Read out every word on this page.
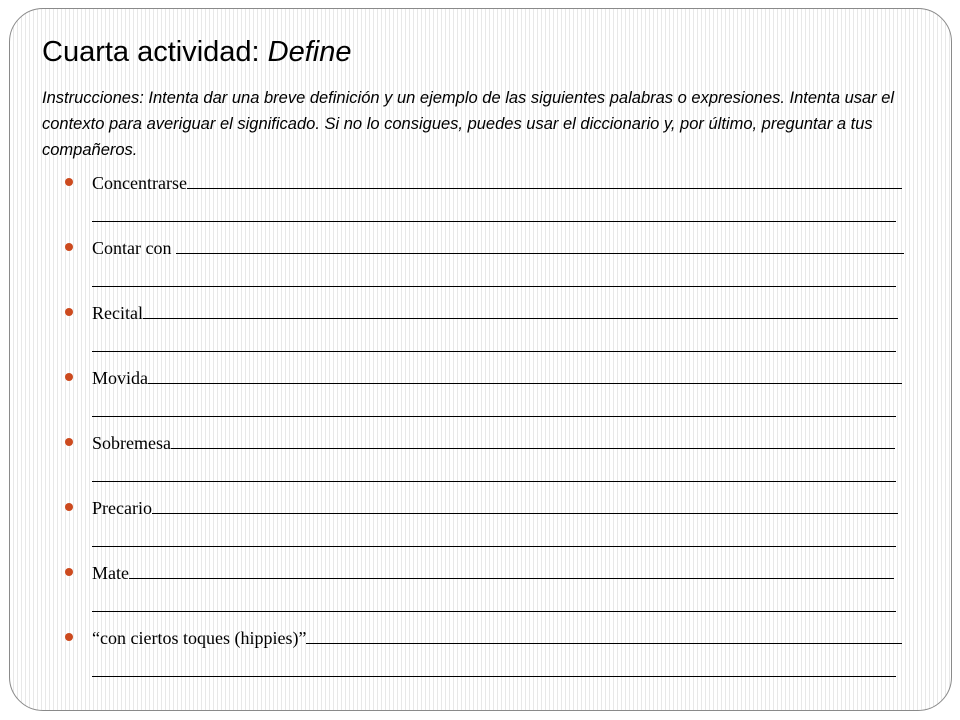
Cuarta actividad: Define

Instrucciones: Intenta dar una breve definición y un ejemplo de las siguientes palabras o expresiones. Intenta usar el contexto para averiguar el significado. Si no lo consigues, puedes usar el diccionario y, por último, preguntar a tus compañeros.

Concentrarse
Contar con
Recital
Movida
Sobremesa
Precario
Mate
“con ciertos toques (hippies)”
